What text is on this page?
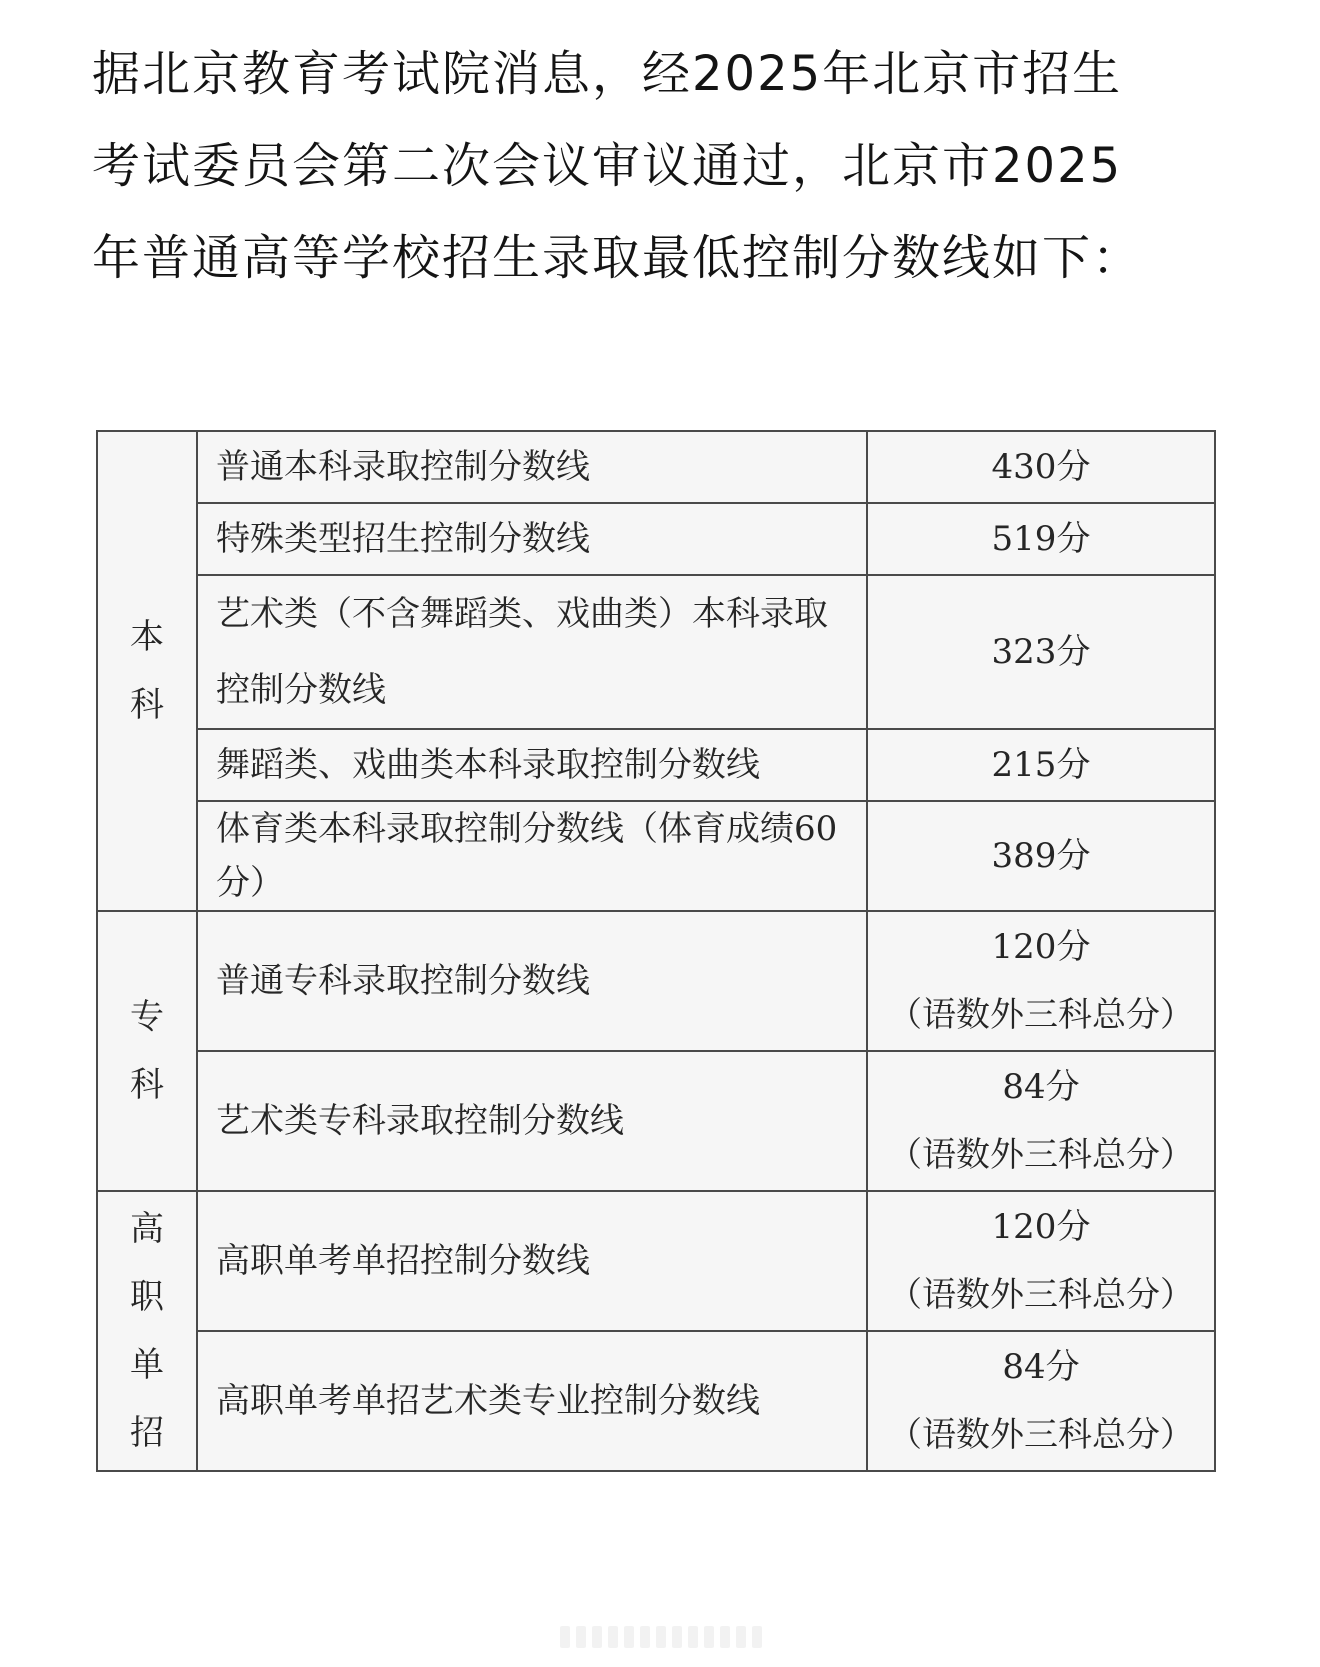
据北京教育考试院消息，经2025年北京市招生
考试委员会第二次会议审议通过，北京市2025
年普通高等学校招生录取最低控制分数线如下：
本
科	普通本科录取控制分数线	430分
	特殊类型招生控制分数线	519分
	艺术类（不含舞蹈类、戏曲类）本科录取控制分数线	323分
	舞蹈类、戏曲类本科录取控制分数线	215分
	体育类本科录取控制分数线（体育成绩60分）	389分

专
科	普通专科录取控制分数线	120分
（语数外三科总分）

	艺术类专科录取控制分数线	84分
（语数外三科总分）

高
职
单
招	高职单考单招控制分数线	120分
（语数外三科总分）

	高职单考单招艺术类专业控制分数线	84分
（语数外三科总分）
